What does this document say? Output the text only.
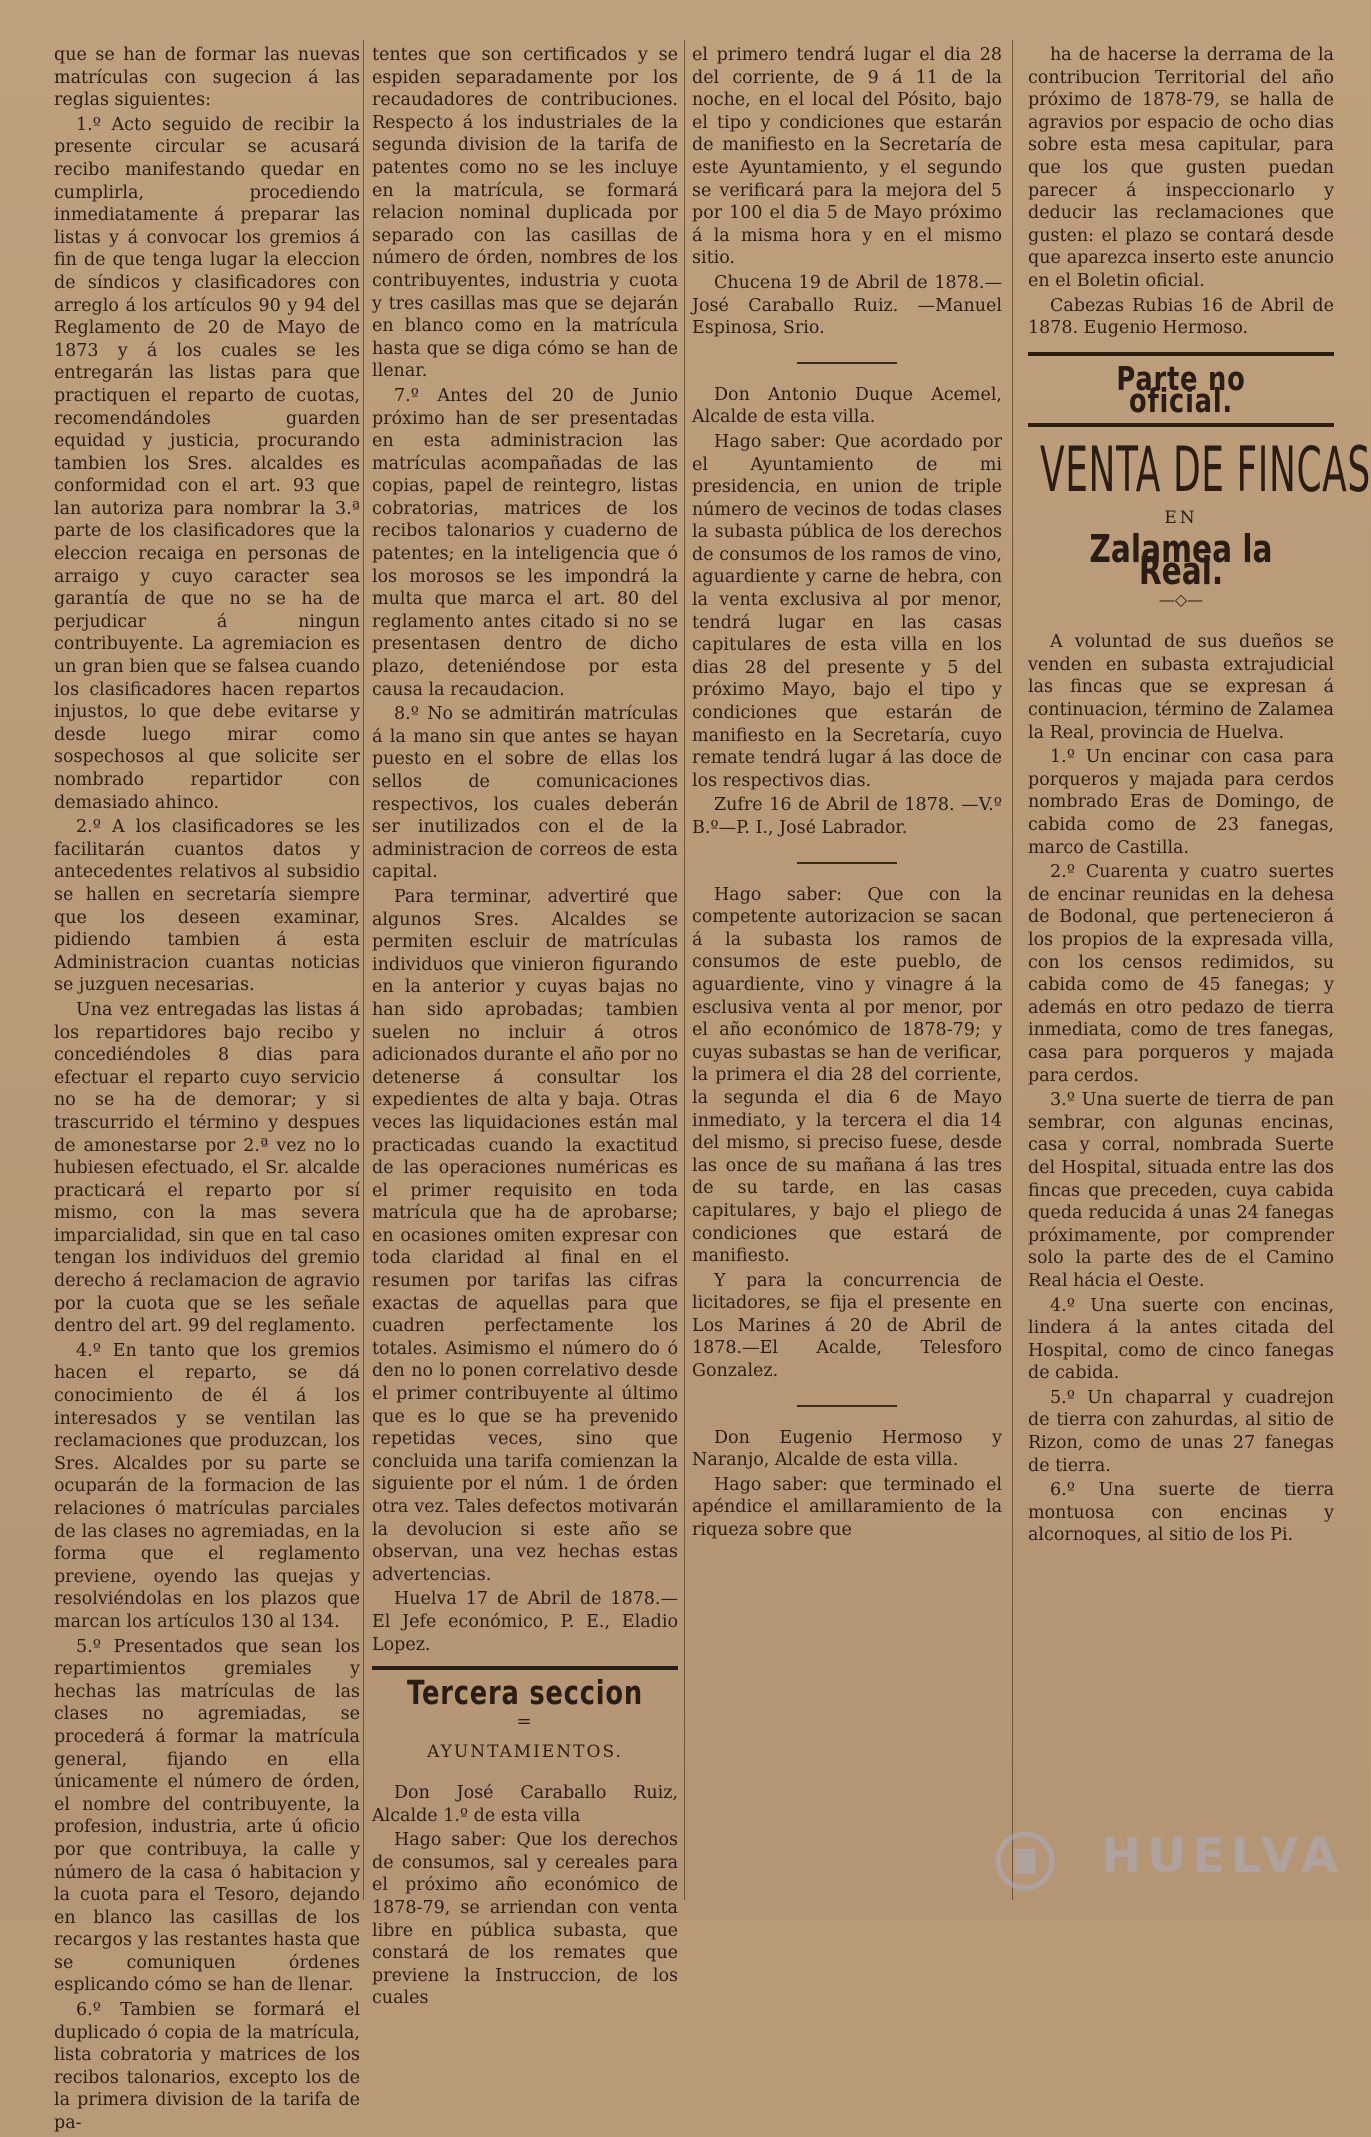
que se han de formar las nuevas matrículas con sugecion á las reglas siguientes:

1.º Acto seguido de recibir la presente circular se acusará recibo manifestando quedar en cumplirla, procediendo inmediatamente á preparar las listas y á convocar los gremios á fin de que tenga lugar la eleccion de síndicos y clasificadores con arreglo á los artículos 90 y 94 del Reglamento de 20 de Mayo de 1873 y á los cuales se les entregarán las listas para que practiquen el reparto de cuotas, recomendándoles guarden equidad y justicia, procurando tambien los Sres. alcaldes es conformidad con el art. 93 que lan autoriza para nombrar la 3.ª parte de los clasificadores que la eleccion recaiga en personas de arraigo y cuyo caracter sea garantía de que no se ha de perjudicar á ningun contribuyente. La agremiacion es un gran bien que se falsea cuando los clasificadores hacen repartos injustos, lo que debe evitarse y desde luego mirar como sospechosos al que solicite ser nombrado repartidor con demasiado ahinco.

2.º A los clasificadores se les facilitarán cuantos datos y antecedentes relativos al subsidio se hallen en secretaría siempre que los deseen examinar, pidiendo tambien á esta Administracion cuantas noticias se juzguen necesarias.

Una vez entregadas las listas á los repartidores bajo recibo y concediéndoles 8 dias para efectuar el reparto cuyo servicio no se ha de demorar; y si trascurrido el término y despues de amonestarse por 2.ª vez no lo hubiesen efectuado, el Sr. alcalde practicará el reparto por sí mismo, con la mas severa imparcialidad, sin que en tal caso tengan los individuos del gremio derecho á reclamacion de agravio por la cuota que se les señale dentro del art. 99 del reglamento.

4.º En tanto que los gremios hacen el reparto, se dá conocimiento de él á los interesados y se ventilan las reclamaciones que produzcan, los Sres. Alcaldes por su parte se ocuparán de la formacion de las relaciones ó matrículas parciales de las clases no agremiadas, en la forma que el reglamento previene, oyendo las quejas y resolviéndolas en los plazos que marcan los artículos 130 al 134.

5.º Presentados que sean los repartimientos gremiales y hechas las matrículas de las clases no agremiadas, se procederá á formar la matrícula general, fijando en ella únicamente el número de órden, el nombre del contribuyente, la profesion, industria, arte ú oficio por que contribuya, la calle y número de la casa ó habitacion y la cuota para el Tesoro, dejando en blanco las casillas de los recargos y las restantes hasta que se comuniquen órdenes esplicando cómo se han de llenar.

6.º Tambien se formará el duplicado ó copia de la matrícula, lista cobratoria y matrices de los recibos talonarios, excepto los de la primera division de la tarifa de pa-

tentes que son certificados y se espiden separadamente por los recaudadores de contribuciones. Respecto á los industriales de la segunda division de la tarifa de patentes como no se les incluye en la matrícula, se formará relacion nominal duplicada por separado con las casillas de número de órden, nombres de los contribuyentes, industria y cuota y tres casillas mas que se dejarán en blanco como en la matrícula hasta que se diga cómo se han de llenar.

7.º Antes del 20 de Junio próximo han de ser presentadas en esta administracion las matrículas acompañadas de las copias, papel de reintegro, listas cobratorias, matrices de los recibos talonarios y cuaderno de patentes; en la inteligencia que ó los morosos se les impondrá la multa que marca el art. 80 del reglamento antes citado si no se presentasen dentro de dicho plazo, deteniéndose por esta causa la recaudacion.

8.º No se admitirán matrículas á la mano sin que antes se hayan puesto en el sobre de ellas los sellos de comunicaciones respectivos, los cuales deberán ser inutilizados con el de la administracion de correos de esta capital.

Para terminar, advertiré que algunos Sres. Alcaldes se permiten escluir de matrículas individuos que vinieron figurando en la anterior y cuyas bajas no han sido aprobadas; tambien suelen no incluir á otros adicionados durante el año por no detenerse á consultar los expedientes de alta y baja. Otras veces las liquidaciones están mal practicadas cuando la exactitud de las operaciones numéricas es el primer requisito en toda matrícula que ha de aprobarse; en ocasiones omiten expresar con toda claridad al final en el resumen por tarifas las cifras exactas de aquellas para que cuadren perfectamente los totales. Asimismo el número do ó den no lo ponen correlativo desde el primer contribuyente al último que es lo que se ha prevenido repetidas veces, sino que concluida una tarifa comienzan la siguiente por el núm. 1 de órden otra vez. Tales defectos motivarán la devolucion si este año se observan, una vez hechas estas advertencias.

Huelva 17 de Abril de 1878.— El Jefe económico, P. E., Eladio Lopez.

Tercera seccion
=
AYUNTAMIENTOS.

Don José Caraballo Ruiz, Alcalde 1.º de esta villa

Hago saber: Que los derechos de consumos, sal y cereales para el próximo año económico de 1878-79, se arriendan con venta libre en pública subasta, que constará de los remates que previene la Instruccion, de los cuales

el primero tendrá lugar el dia 28 del corriente, de 9 á 11 de la noche, en el local del Pósito, bajo el tipo y condiciones que estarán de manifiesto en la Secretaría de este Ayuntamiento, y el segundo se verificará para la mejora del 5 por 100 el dia 5 de Mayo próximo á la misma hora y en el mismo sitio.

Chucena 19 de Abril de 1878.—José Caraballo Ruiz. —Manuel Espinosa, Srio.

Don Antonio Duque Acemel, Alcalde de esta villa.

Hago saber: Que acordado por el Ayuntamiento de mi presidencia, en union de triple número de vecinos de todas clases la subasta pública de los derechos de consumos de los ramos de vino, aguardiente y carne de hebra, con la venta exclusiva al por menor, tendrá lugar en las casas capitulares de esta villa en los dias 28 del presente y 5 del próximo Mayo, bajo el tipo y condiciones que estarán de manifiesto en la Secretaría, cuyo remate tendrá lugar á las doce de los respectivos dias.

Zufre 16 de Abril de 1878. —V.º B.º—P. I., José Labrador.

Hago saber: Que con la competente autorizacion se sacan á la subasta los ramos de consumos de este pueblo, de aguardiente, vino y vinagre á la esclusiva venta al por menor, por el año económico de 1878-79; y cuyas subastas se han de verificar, la primera el dia 28 del corriente, la segunda el dia 6 de Mayo inmediato, y la tercera el dia 14 del mismo, si preciso fuese, desde las once de su mañana á las tres de su tarde, en las casas capitulares, y bajo el pliego de condiciones que estará de manifiesto.

Y para la concurrencia de licitadores, se fija el presente en Los Marines á 20 de Abril de 1878.—El Acalde, Telesforo Gonzalez.

Don Eugenio Hermoso y Naranjo, Alcalde de esta villa.

Hago saber: que terminado el apéndice el amillaramiento de la riqueza sobre que

ha de hacerse la derrama de la contribucion Territorial del año próximo de 1878-79, se halla de agravios por espacio de ocho dias sobre esta mesa capitular, para que los que gusten puedan parecer á inspeccionarlo y deducir las reclamaciones que gusten: el plazo se contará desde que aparezca inserto este anuncio en el Boletin oficial.

Cabezas Rubias 16 de Abril de 1878. Eugenio Hermoso.

Parte no oficial.
VENTA DE FINCAS
EN
Zalamea la Real.
—◇—

A voluntad de sus dueños se venden en subasta extrajudicial las fincas que se expresan á continuacion, término de Zalamea la Real, provincia de Huelva.

1.º Un encinar con casa para porqueros y majada para cerdos nombrado Eras de Domingo, de cabida como de 23 fanegas, marco de Castilla.

2.º Cuarenta y cuatro suertes de encinar reunidas en la dehesa de Bodonal, que pertenecieron á los propios de la expresada villa, con los censos redimidos, su cabida como de 45 fanegas; y además en otro pedazo de tierra inmediata, como de tres fanegas, casa para porqueros y majada para cerdos.

3.º Una suerte de tierra de pan sembrar, con algunas encinas, casa y corral, nombrada Suerte del Hospital, situada entre las dos fincas que preceden, cuya cabida queda reducida á unas 24 fanegas próximamente, por comprender solo la parte des de el Camino Real hácia el Oeste.

4.º Una suerte con encinas, lindera á la antes citada del Hospital, como de cinco fanegas de cabida.

5.º Un chaparral y cuadrejon de tierra con zahurdas, al sitio de Rizon, como de unas 27 fanegas de tierra.

6.º Una suerte de tierra montuosa con encinas y alcornoques, al sitio de los Pi.

HUELVA
